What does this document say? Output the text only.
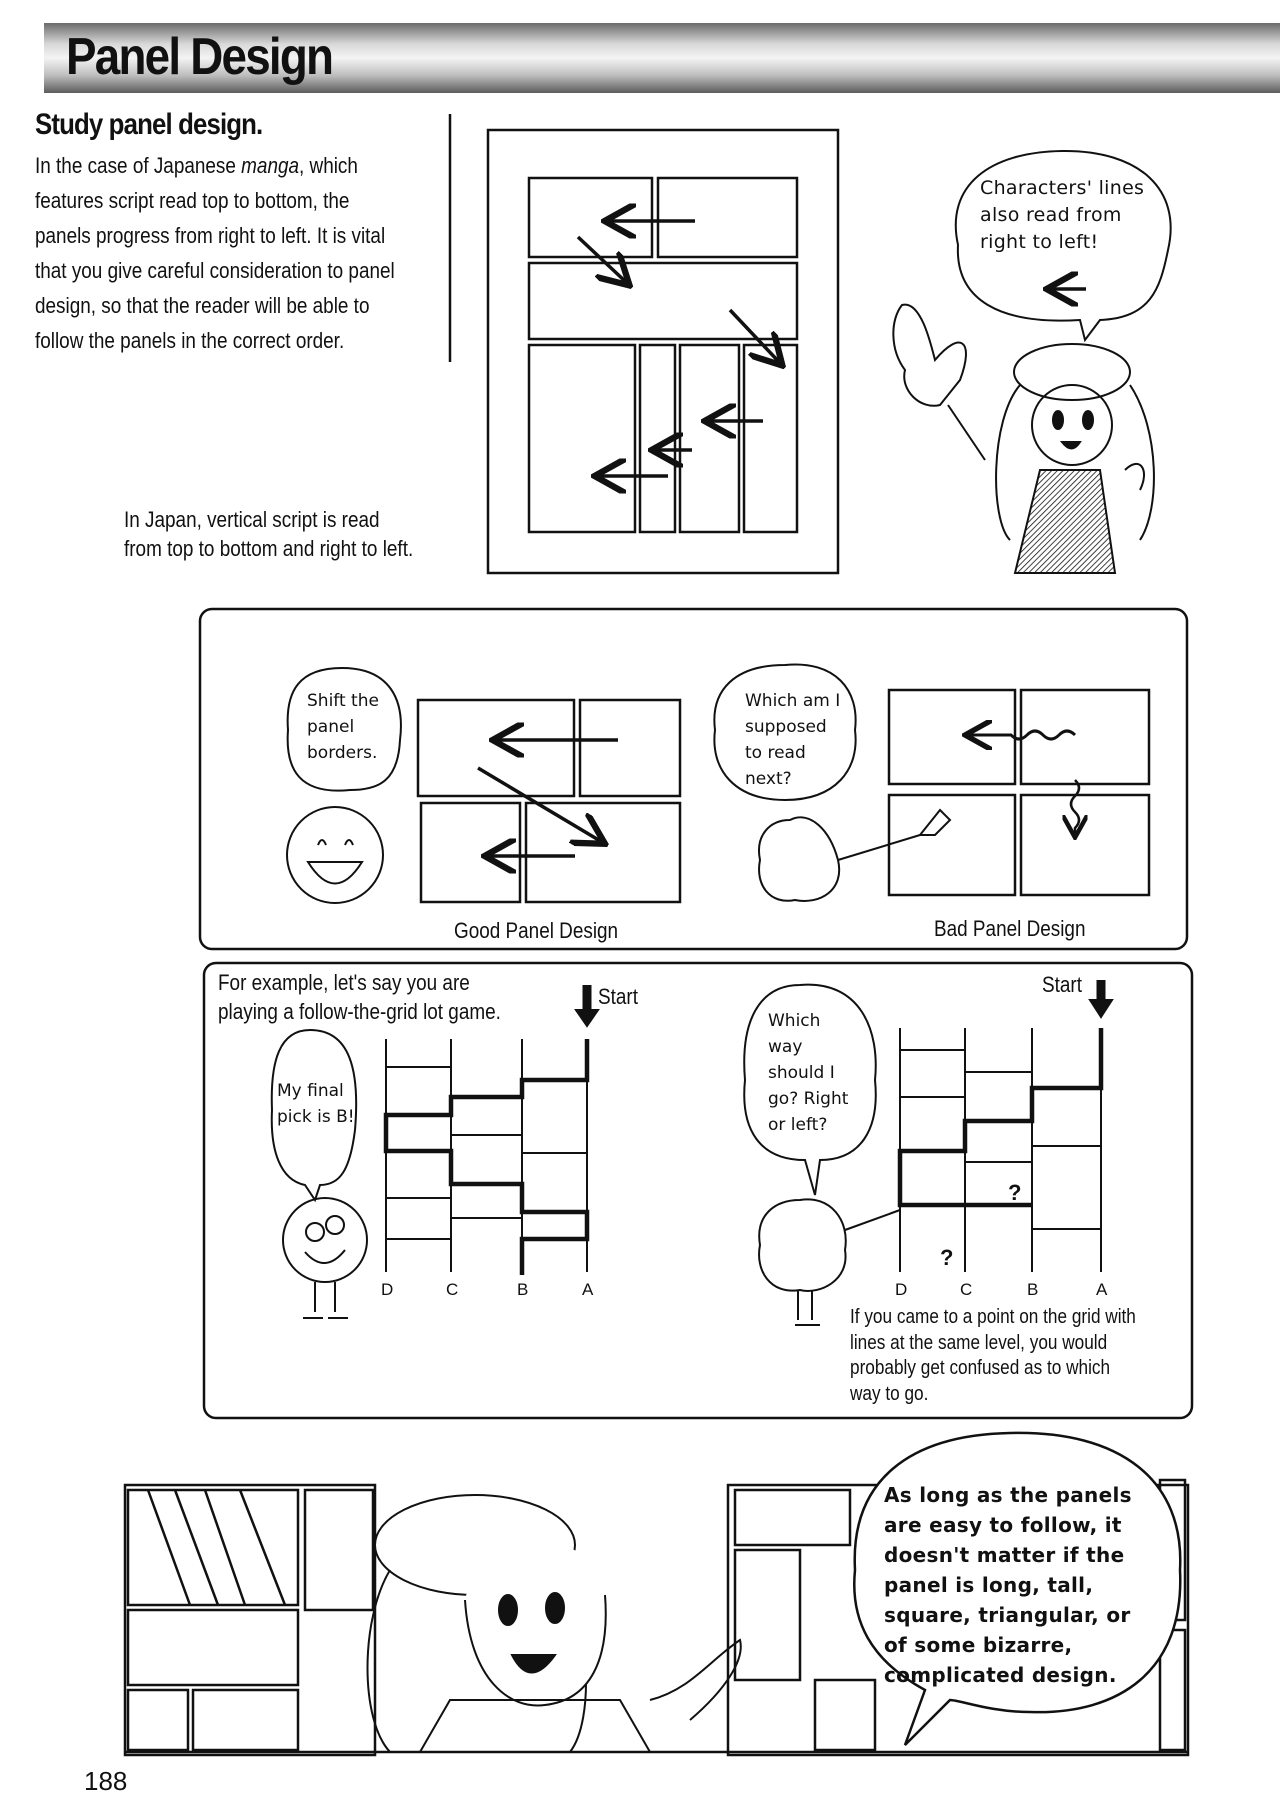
Panel Design
Study panel design.
In the case of Japanese manga, which
features script read top to bottom, the
panels progress from right to left. It is vital
that you give careful consideration to panel
design, so that the reader will be able to
follow the panels in the correct order.
In Japan, vertical script is read
from top to bottom and right to left.
Characters' lines
also read from
right to left!
Shift the
panel
borders.
Which am I
supposed
to read
next?
Good Panel Design	Bad Panel Design
For example, let's say you are
playing a follow-the-grid lot game.
Start	Start
My final
pick is B!
Which
way
should I
go? Right
or left?
D	C	B	A	D	C	B	A
?
?
If you came to a point on the grid with
lines at the same level, you would
probably get confused as to which
way to go.
As long as the panels
are easy to follow, it
doesn't matter if the
panel is long, tall,
square, triangular, or
of some bizarre,
complicated design.
188
